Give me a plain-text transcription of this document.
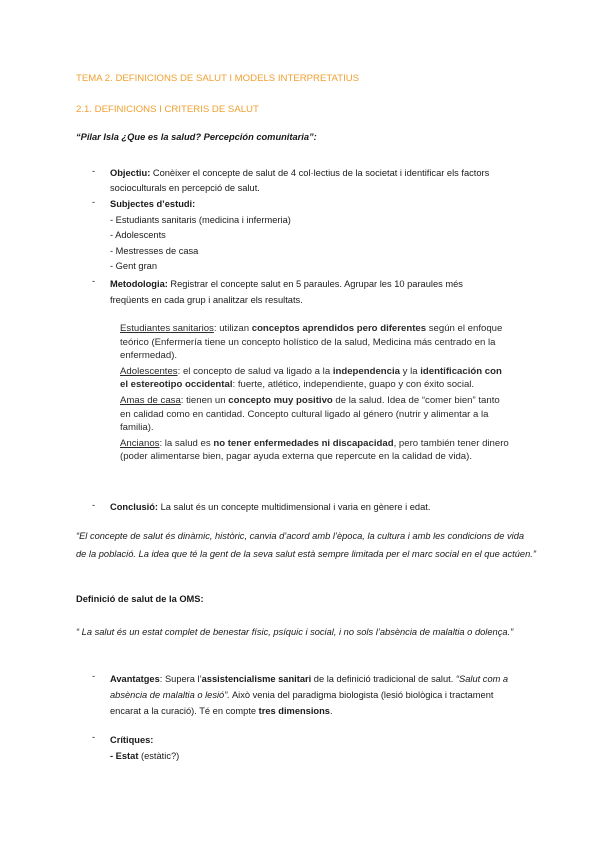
TEMA 2. DEFINICIONS DE SALUT I MODELS INTERPRETATIUS
2.1. DEFINICIONS I CRITERIS DE SALUT
“Pilar Isla ¿Que es la salud? Percepción comunitaria”:
- Objectiu: Conèixer el concepte de salut de 4 col·lectius de la societat i identificar els factors
socioculturals en percepció de salut.
- Subjectes d’estudi:
- Estudiants sanitaris (medicina i infermeria)
- Adolescents
- Mestresses de casa
- Gent gran
- Metodologia: Registrar el concepte salut en 5 paraules. Agrupar les 10 paraules més
freqüents en cada grup i analitzar els resultats.

Estudiantes sanitarios: utilizan conceptos aprendidos pero diferentes según el enfoque teórico (Enfermería tiene un concepto holístico de la salud, Medicina más centrado en la enfermedad).

Adolescentes: el concepto de salud va ligado a la independencia y la identificación con el estereotipo occidental: fuerte, atlético, independiente, guapo y con éxito social.

Amas de casa: tienen un concepto muy positivo de la salud. Idea de “comer bien” tanto en calidad como en cantidad. Concepto cultural ligado al género (nutrir y alimentar a la familia).

Ancianos: la salud es no tener enfermedades ni discapacidad, pero también tener dinero (poder alimentarse bien, pagar ayuda externa que repercute en la calidad de vida).

- Conclusió: La salut és un concepte multidimensional i varia en gènere i edat.
“El concepte de salut és dinàmic, històric, canvia d’acord amb l’època, la cultura i amb les condicions de vida de la població. La idea que té la gent de la seva salut està sempre limitada per el marc social en el que actúen.”
Definició de salut de la OMS:
“ La salut és un estat complet de benestar físic, psíquic i social, i no sols l’absència de malaltia o dolença.”
- Avantatges: Supera l’assistencialisme sanitari de la definició tradicional de salut. “Salut com a absència de malaltia o lesió”. Això venia del paradigma biologista (lesió biològica i tractament encarat a la curació). Té en compte tres dimensions.
- Crítiques:
- Estat (estàtic?)
